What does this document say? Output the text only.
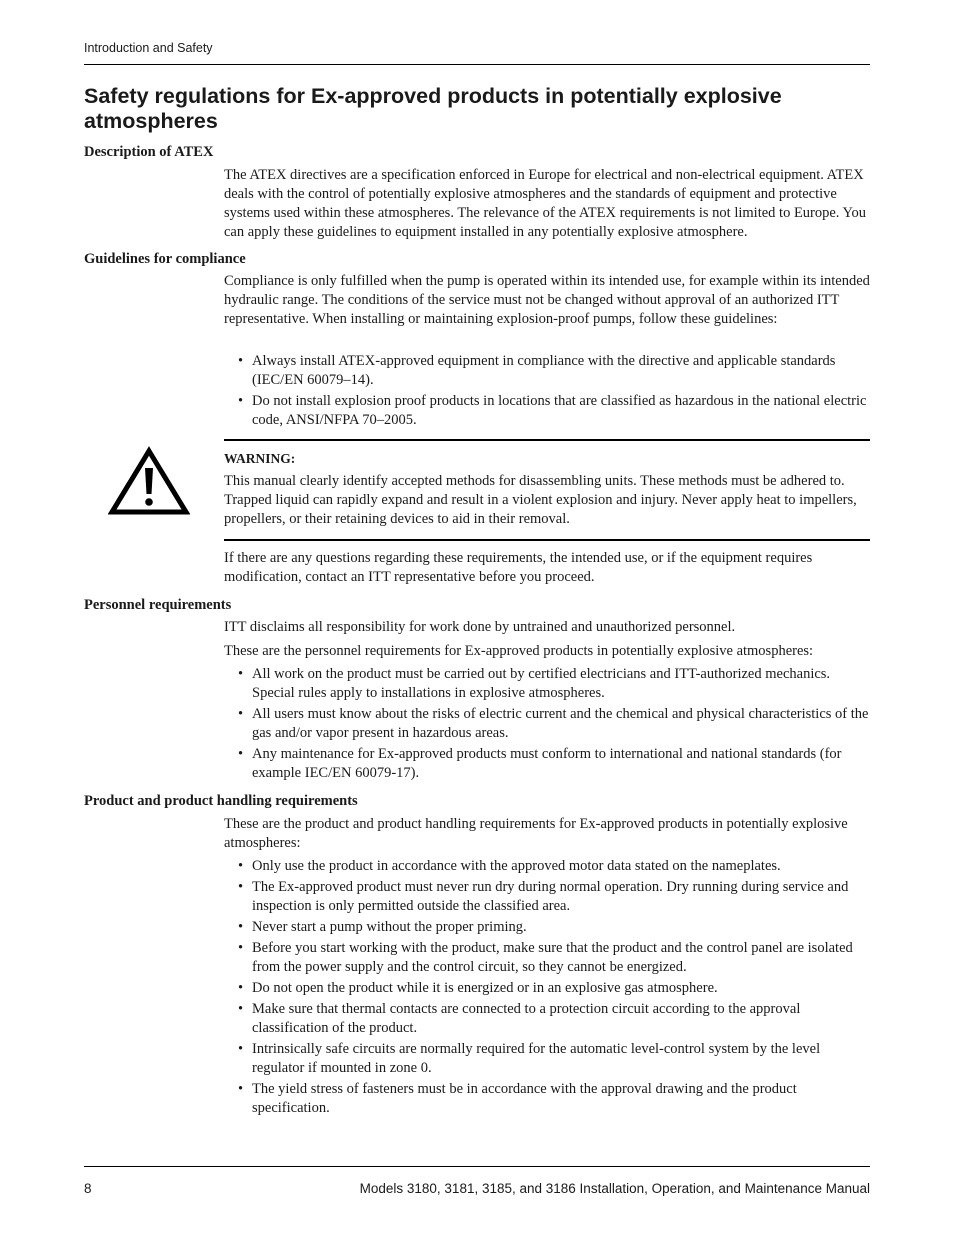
Introduction and Safety
Safety regulations for Ex-approved products in potentially explosive atmospheres
Description of ATEX

The ATEX directives are a specification enforced in Europe for electrical and non-electrical equipment. ATEX deals with the control of potentially explosive atmospheres and the standards of equipment and protective systems used within these atmospheres. The relevance of the ATEX requirements is not limited to Europe. You can apply these guidelines to equipment installed in any potentially explosive atmosphere.

Guidelines for compliance

Compliance is only fulfilled when the pump is operated within its intended use, for example within its intended hydraulic range. The conditions of the service must not be changed without approval of an authorized ITT representative. When installing or maintaining explosion-proof pumps, follow these guidelines:

• Always install ATEX-approved equipment in compliance with the directive and applicable standards (IEC/EN 60079–14).
• Do not install explosion proof products in locations that are classified as hazardous in the national electric code, ANSI/NFPA 70–2005.
WARNING:

This manual clearly identify accepted methods for disassembling units. These methods must be adhered to. Trapped liquid can rapidly expand and result in a violent explosion and injury. Never apply heat to impellers, propellers, or their retaining devices to aid in their removal.

If there are any questions regarding these requirements, the intended use, or if the equipment requires modification, contact an ITT representative before you proceed.

Personnel requirements

ITT disclaims all responsibility for work done by untrained and unauthorized personnel.

These are the personnel requirements for Ex-approved products in potentially explosive atmospheres:

• All work on the product must be carried out by certified electricians and ITT-authorized mechanics. Special rules apply to installations in explosive atmospheres.
• All users must know about the risks of electric current and the chemical and physical characteristics of the gas and/or vapor present in hazardous areas.
• Any maintenance for Ex-approved products must conform to international and national standards (for example IEC/EN 60079-17).
Product and product handling requirements

These are the product and product handling requirements for Ex-approved products in potentially explosive atmospheres:

• Only use the product in accordance with the approved motor data stated on the nameplates.
• The Ex-approved product must never run dry during normal operation. Dry running during service and inspection is only permitted outside the classified area.
• Never start a pump without the proper priming.
• Before you start working with the product, make sure that the product and the control panel are isolated from the power supply and the control circuit, so they cannot be energized.
• Do not open the product while it is energized or in an explosive gas atmosphere.
• Make sure that thermal contacts are connected to a protection circuit according to the approval classification of the product.
• Intrinsically safe circuits are normally required for the automatic level-control system by the level regulator if mounted in zone 0.
• The yield stress of fasteners must be in accordance with the approval drawing and the product specification.
8	Models 3180, 3181, 3185, and 3186 Installation, Operation, and Maintenance Manual
